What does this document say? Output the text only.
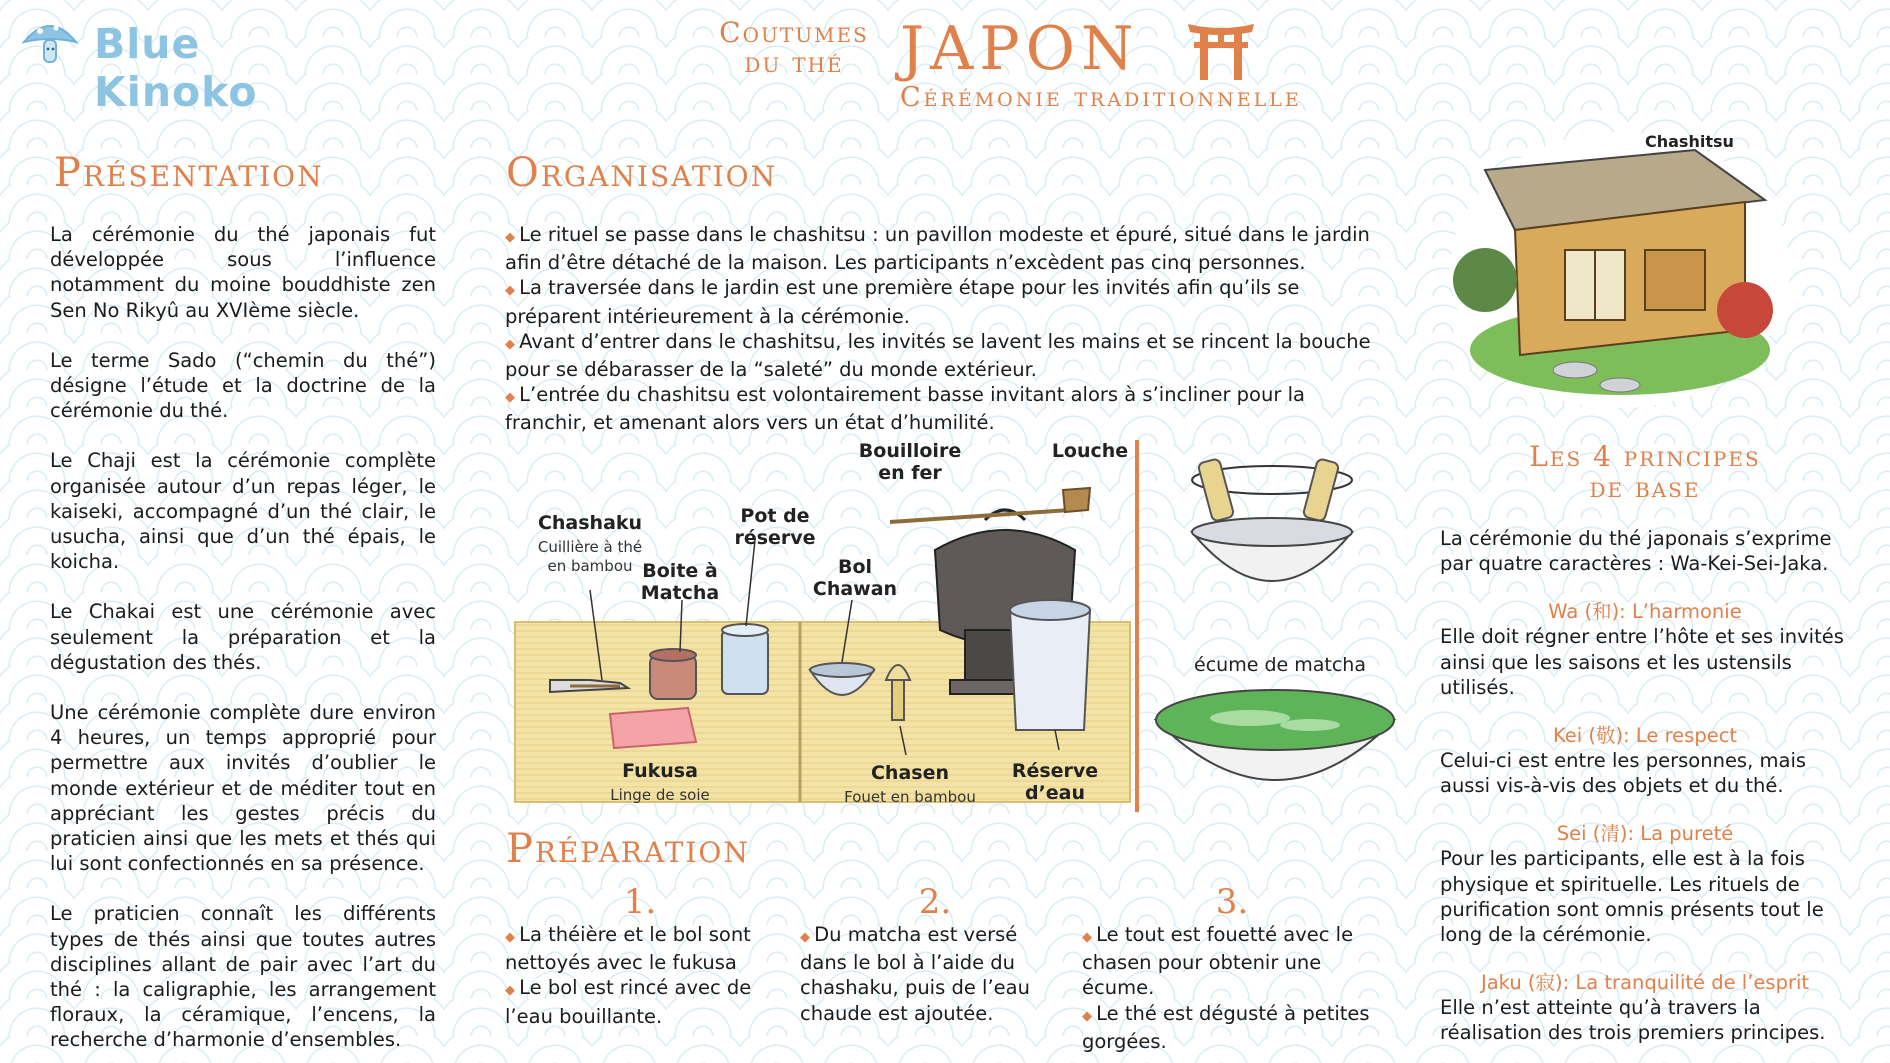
Blue Kinoko
Coutumes
du thé JAPON
Cérémonie traditionnelle
Présentation

La cérémonie du thé japonais fut développée sous l’influence notamment du moine bouddhiste zen Sen No Rikyû au XVIème siècle.

Le terme Sado (“chemin du thé”) désigne l’étude et la doctrine de la cérémonie du thé.

Le Chaji est la cérémonie complète organisée autour d’un repas léger, le kaiseki, accompagné d’un thé clair, le usucha, ainsi que d’un thé épais, le koicha.

Le Chakai est une cérémonie avec seulement la préparation et la dégustation des thés.

Une cérémonie complète dure environ 4 heures, un temps approprié pour permettre aux invités d’oublier le monde extérieur et de méditer tout en appréciant les gestes précis du praticien ainsi que les mets et thés qui lui sont confectionnés en sa présence.

Le praticien connaît les différents types de thés ainsi que toutes autres disciplines allant de pair avec l’art du thé : la caligraphie, les arrangement floraux, la céramique, l’encens, la recherche d’harmonie d’ensembles.

Organisation

◆ Le rituel se passe dans le chashitsu : un pavillon modeste et épuré, situé dans le jardin afin d’être détaché de la maison. Les participants n’excèdent pas cinq personnes.

◆ La traversée dans le jardin est une première étape pour les invités afin qu’ils se préparent intérieurement à la cérémonie.

◆ Avant d’entrer dans le chashitsu, les invités se lavent les mains et se rincent la bouche pour se débarasser de la “saleté” du monde extérieur.

◆ L’entrée du chashitsu est volontairement basse invitant alors à s’incliner pour la franchir, et amenant alors vers un état d’humilité.

Chashaku
Cuillière à thé en bambou Boite à Matcha
Pot de réserve
Bol Chawan
Bouilloire en fer
Louche
Fukusa
Linge de soie
Chasen
Fouet en bambou
Réserve d’eau
écume de matcha
Préparation
1.

◆ La théière et le bol sont nettoyés avec le fukusa

◆ Le bol est rincé avec de l’eau bouillante.

2.

◆ Du matcha est versé dans le bol à l’aide du chashaku, puis de l’eau chaude est ajoutée.

3.

◆ Le tout est fouetté avec le chasen pour obtenir une écume.

◆ Le thé est dégusté à petites gorgées.

Chashitsu
Les 4 principes
de base

La cérémonie du thé japonais s’exprime par quatre caractères : Wa-Kei-Sei-Jaka.

Wa (和): L’harmonie

Elle doit régner entre l’hôte et ses invités ainsi que les saisons et les ustensils utilisés.

Kei (敬): Le respect

Celui-ci est entre les personnes, mais aussi vis-à-vis des objets et du thé.

Sei (清): La pureté

Pour les participants, elle est à la fois physique et spirituelle. Les rituels de purification sont omnis présents tout le long de la cérémonie.

Jaku (寂): La tranquilité de l’esprit

Elle n’est atteinte qu’à travers la réalisation des trois premiers principes.
